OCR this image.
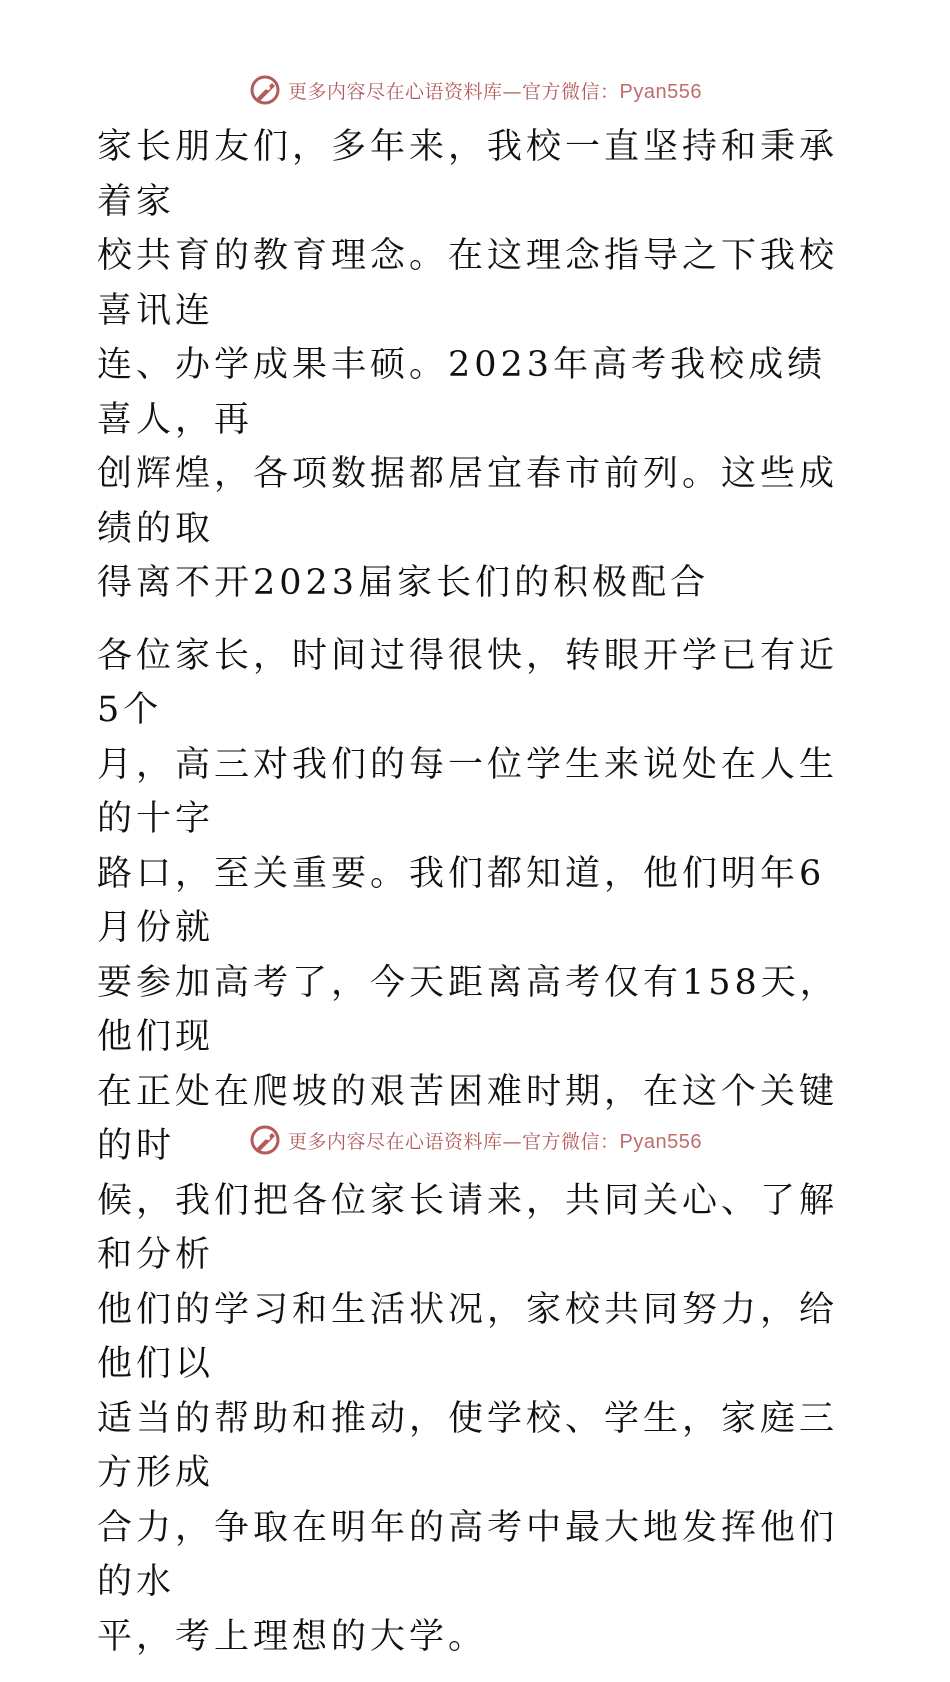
更多内容尽在心语资料库—官方微信：Pyan556

家长朋友们，多年来，我校一直坚持和秉承着家
校共育的教育理念。在这理念指导之下我校喜讯连
连、办学成果丰硕。2023年高考我校成绩喜人，再
创辉煌，各项数据都居宜春市前列。这些成绩的取
得离不开2023届家长们的积极配合

各位家长，时间过得很快，转眼开学已有近5个
月，高三对我们的每一位学生来说处在人生的十字
路口，至关重要。我们都知道，他们明年6月份就
要参加高考了，今天距离高考仅有158天，他们现
在正处在爬坡的艰苦困难时期，在这个关键的时
候，我们把各位家长请来，共同关心、了解和分析
他们的学习和生活状况，家校共同努力，给他们以
适当的帮助和推动，使学校、学生，家庭三方形成
合力，争取在明年的高考中最大地发挥他们的水
平，考上理想的大学。

更多内容尽在心语资料库—官方微信：Pyan556
